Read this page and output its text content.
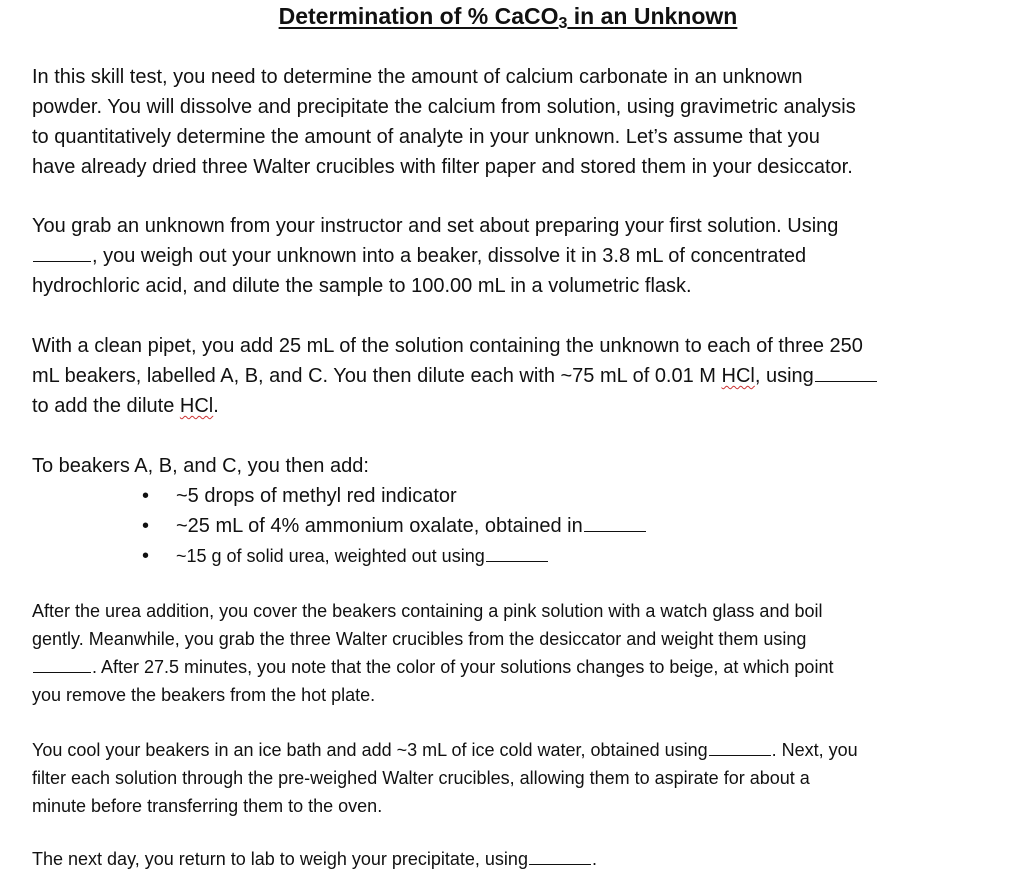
Determination of % CaCO3 in an Unknown
In this skill test, you need to determine the amount of calcium carbonate in an unknown
powder. You will dissolve and precipitate the calcium from solution, using gravimetric analysis
to quantitatively determine the amount of analyte in your unknown. Let’s assume that you
have already dried three Walter crucibles with filter paper and stored them in your desiccator.
You grab an unknown from your instructor and set about preparing your first solution. Using
, you weigh out your unknown into a beaker, dissolve it in 3.8 mL of concentrated
hydrochloric acid, and dilute the sample to 100.00 mL in a volumetric flask.
With a clean pipet, you add 25 mL of the solution containing the unknown to each of three 250
mL beakers, labelled A, B, and C. You then dilute each with ~75 mL of 0.01 M HCl, using
to add the dilute HCl.
To beakers A, B, and C, you then add:
• ~5 drops of methyl red indicator
• ~25 mL of 4% ammonium oxalate, obtained in
• ~15 g of solid urea, weighted out using
After the urea addition, you cover the beakers containing a pink solution with a watch glass and boil
gently. Meanwhile, you grab the three Walter crucibles from the desiccator and weight them using
. After 27.5 minutes, you note that the color of your solutions changes to beige, at which point
you remove the beakers from the hot plate.
You cool your beakers in an ice bath and add ~3 mL of ice cold water, obtained using	. Next, you
filter each solution through the pre-weighed Walter crucibles, allowing them to aspirate for about a
minute before transferring them to the oven.
The next day, you return to lab to weigh your precipitate, using	.
